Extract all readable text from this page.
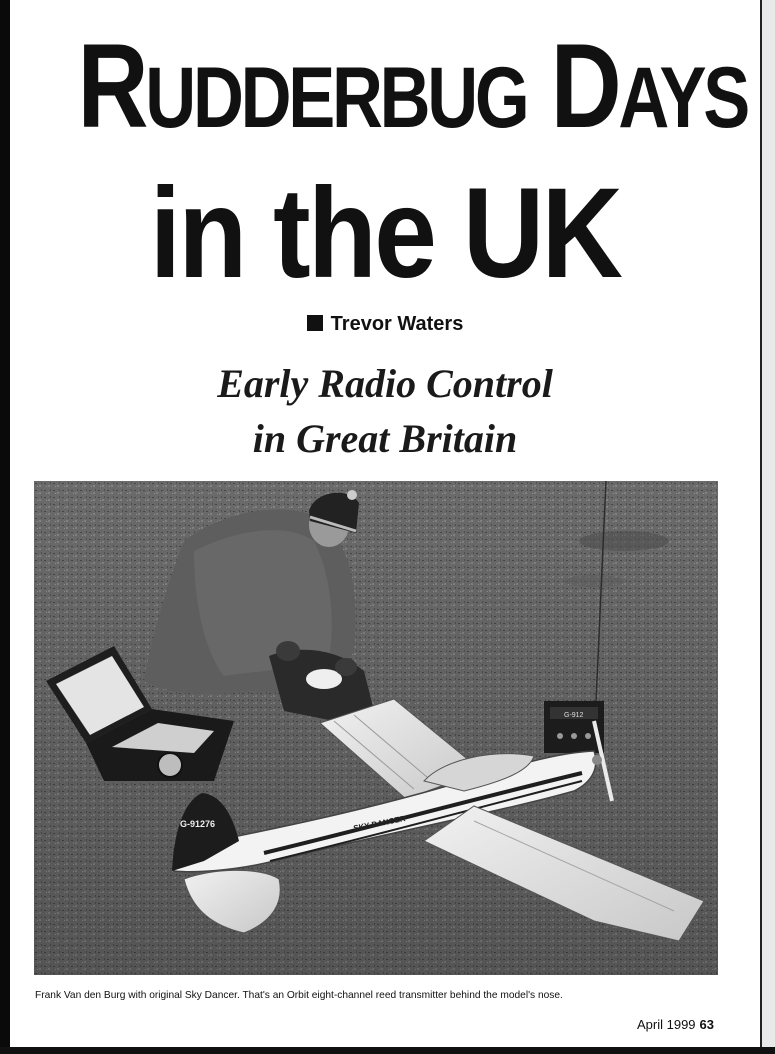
RUDDERBUG DAYS
in the UK
Trevor Waters
Early Radio Control
in Great Britain
G-912
SKY DANCER
G-91276
Frank Van den Burg with original Sky Dancer. That's an Orbit eight-channel reed transmitter behind the model's nose.
April 1999 63
